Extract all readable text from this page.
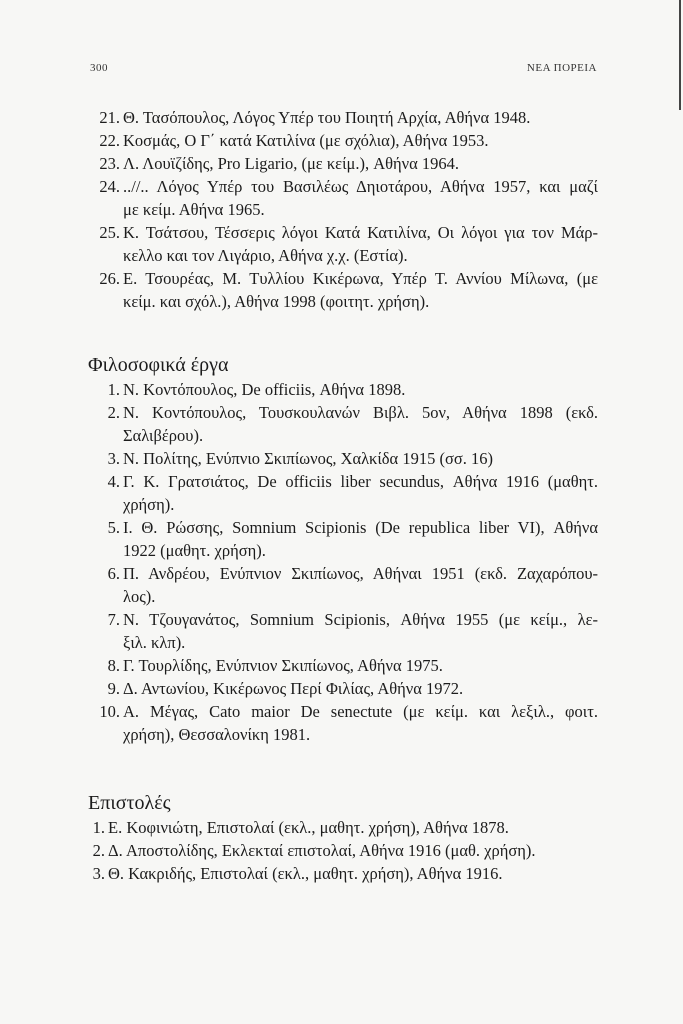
300	ΝΕΑ ΠΟΡΕΙΑ
21. Θ. Τασόπουλος, Λόγος Υπέρ του Ποιητή Αρχία, Αθήνα 1948.
22. Κοσμάς, Ο Γ΄ κατά Κατιλίνα (με σχόλια), Αθήνα 1953.
23. Λ. Λουϊζίδης, Pro Ligario, (με κείμ.), Αθήνα 1964.
24. ..//.. Λόγος Υπέρ του Βασιλέως Δηιοτάρου, Αθήνα 1957, και μαζί
με κείμ. Αθήνα 1965.
25. Κ. Τσάτσου, Τέσσερις λόγοι Κατά Κατιλίνα, Οι λόγοι για τον Μάρ-
κελλο και τον Λιγάριο, Αθήνα χ.χ. (Εστία).
26. Ε. Τσουρέας, Μ. Τυλλίου Κικέρωνα, Υπέρ Τ. Αννίου Μίλωνα, (με
κείμ. και σχόλ.), Αθήνα 1998 (φοιτητ. χρήση).
Φιλοσοφικά έργα
1. Ν. Κοντόπουλος, De officiis, Αθήνα 1898.
2. Ν. Κοντόπουλος, Τουσκουλανών Βιβλ. 5ον, Αθήνα 1898 (εκδ.
Σαλιβέρου).
3. Ν. Πολίτης, Ενύπνιο Σκιπίωνος, Χαλκίδα 1915 (σσ. 16)
4. Γ. Κ. Γρατσιάτος, De officiis liber secundus, Αθήνα 1916 (μαθητ.
χρήση).
5. Ι. Θ. Ρώσσης, Somnium Scipionis (De republica liber VI), Αθήνα
1922 (μαθητ. χρήση).
6. Π. Ανδρέου, Ενύπνιον Σκιπίωνος, Αθήναι 1951 (εκδ. Ζαχαρόπου-
λος).
7. Ν. Τζουγανάτος, Somnium Scipionis, Αθήνα 1955 (με κείμ., λε-
ξιλ. κλπ).
8. Γ. Τουρλίδης, Ενύπνιον Σκιπίωνος, Αθήνα 1975.
9. Δ. Αντωνίου, Κικέρωνος Περί Φιλίας, Αθήνα 1972.
10. Α. Μέγας, Cato maior De senectute (με κείμ. και λεξιλ., φοιτ.
χρήση), Θεσσαλονίκη 1981.
Επιστολές
1. Ε. Κοφινιώτη, Επιστολαί (εκλ., μαθητ. χρήση), Αθήνα 1878.
2. Δ. Αποστολίδης, Εκλεκταί επιστολαί, Αθήνα 1916 (μαθ. χρήση).
3. Θ. Κακριδής, Επιστολαί (εκλ., μαθητ. χρήση), Αθήνα 1916.
